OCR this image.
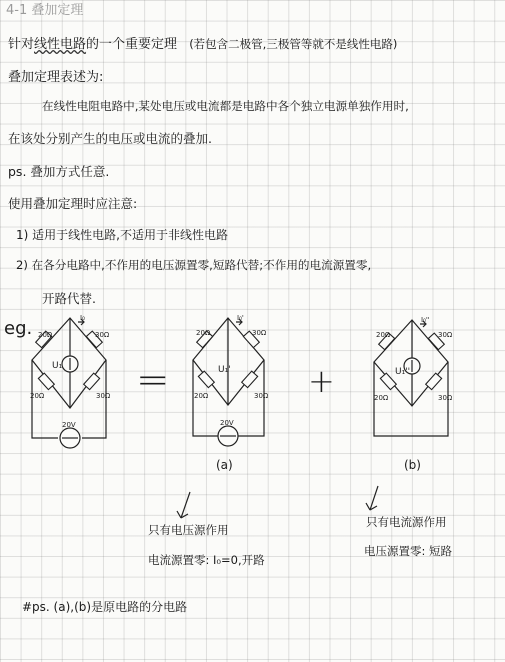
4-1 叠加定理
针对线性电路的一个重要定理 (若包含二极管,三极管等就不是线性电路)
叠加定理表述为:
在线性电阻电路中,某处电压或电流都是电路中各个独立电源单独作用时,
在该处分别产生的电压或电流的叠加.
ps. 叠加方式任意.
使用叠加定理时应注意:
1) 适用于线性电路,不适用于非线性电路
2) 在各分电路中,不作用的电压源置零,短路代替;不作用的电流源置零,
开路代替.
eg.
=	+
20Ω	30Ω
20Ω	30Ω
I₀
U₁
20V
20Ω	30Ω
20Ω	30Ω
I₀'
U₁'
20V
20Ω	30Ω
20Ω	30Ω
I₀''
U₁''
(a)	(b)
只有电压源作用
电流源置零: I₀=0,开路
只有电流源作用
电压源置零: 短路
#ps. (a),(b)是原电路的分电路
